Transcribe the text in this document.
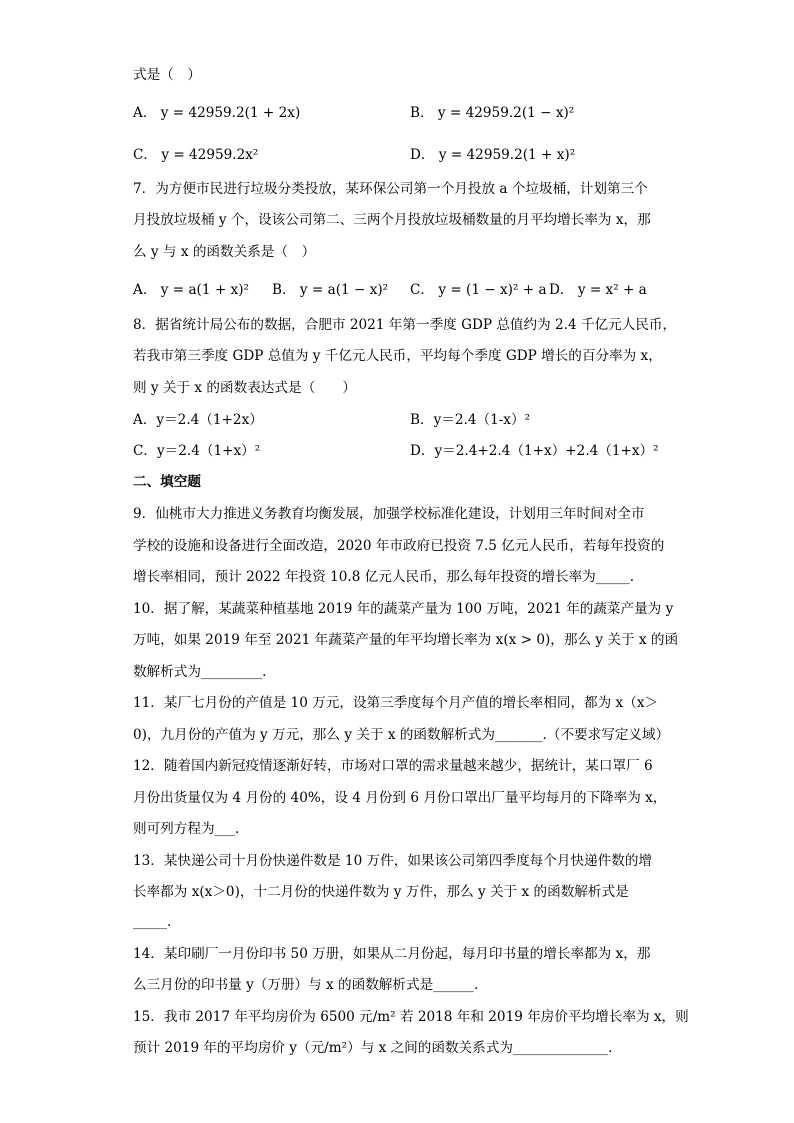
式是（　）
A． y = 42959.2(1 + 2x)	B． y = 42959.2(1 − x)²
C． y = 42959.2x²	D． y = 42959.2(1 + x)²
7．为方便市民进行垃圾分类投放，某环保公司第一个月投放 a 个垃圾桶，计划第三个
月投放垃圾桶 y 个，设该公司第二、三两个月投放垃圾桶数量的月平均增长率为 x，那
么 y 与 x 的函数关系是（　）
A． y = a(1 + x)² B． y = a(1 − x)² C． y = (1 − x)² + a D． y = x² + a
8．据省统计局公布的数据，合肥市 2021 年第一季度 GDP 总值约为 2.4 千亿元人民币，
若我市第三季度 GDP 总值为 y 千亿元人民币，平均每个季度 GDP 增长的百分率为 x，
则 y 关于 x 的函数表达式是（　　）
A．y＝2.4（1+2x）	B．y＝2.4（1-x）²
C．y＝2.4（1+x）²	D．y＝2.4+2.4（1+x）+2.4（1+x）²
二、填空题
9．仙桃市大力推进义务教育均衡发展，加强学校标准化建设，计划用三年时间对全市
学校的设施和设备进行全面改造，2020 年市政府已投资 7.5 亿元人民币，若每年投资的
增长率相同，预计 2022 年投资 10.8 亿元人民币，那么每年投资的增长率为_____.
10．据了解，某蔬菜种植基地 2019 年的蔬菜产量为 100 万吨，2021 年的蔬菜产量为 y
万吨，如果 2019 年至 2021 年蔬菜产量的年平均增长率为 x(x > 0)，那么 y 关于 x 的函
数解析式为_________.
11．某厂七月份的产值是 10 万元，设第三季度每个月产值的增长率相同，都为 x（x＞
0)，九月份的产值为 y 万元，那么 y 关于 x 的函数解析式为_______.（不要求写定义域）
12．随着国内新冠疫情逐渐好转，市场对口罩的需求量越来越少，据统计，某口罩厂 6
月份出货量仅为 4 月份的 40%，设 4 月份到 6 月份口罩出厂量平均每月的下降率为 x，
则可列方程为___.
13．某快递公司十月份快递件数是 10 万件，如果该公司第四季度每个月快递件数的增
长率都为 x(x＞0)，十二月份的快递件数为 y 万件，那么 y 关于 x 的函数解析式是
_____.
14．某印刷厂一月份印书 50 万册，如果从二月份起，每月印书量的增长率都为 x，那
么三月份的印书量 y（万册）与 x 的函数解析式是______.
15．我市 2017 年平均房价为 6500 元/m² 若 2018 年和 2019 年房价平均增长率为 x，则
预计 2019 年的平均房价 y（元/m²）与 x 之间的函数关系式为______________.
